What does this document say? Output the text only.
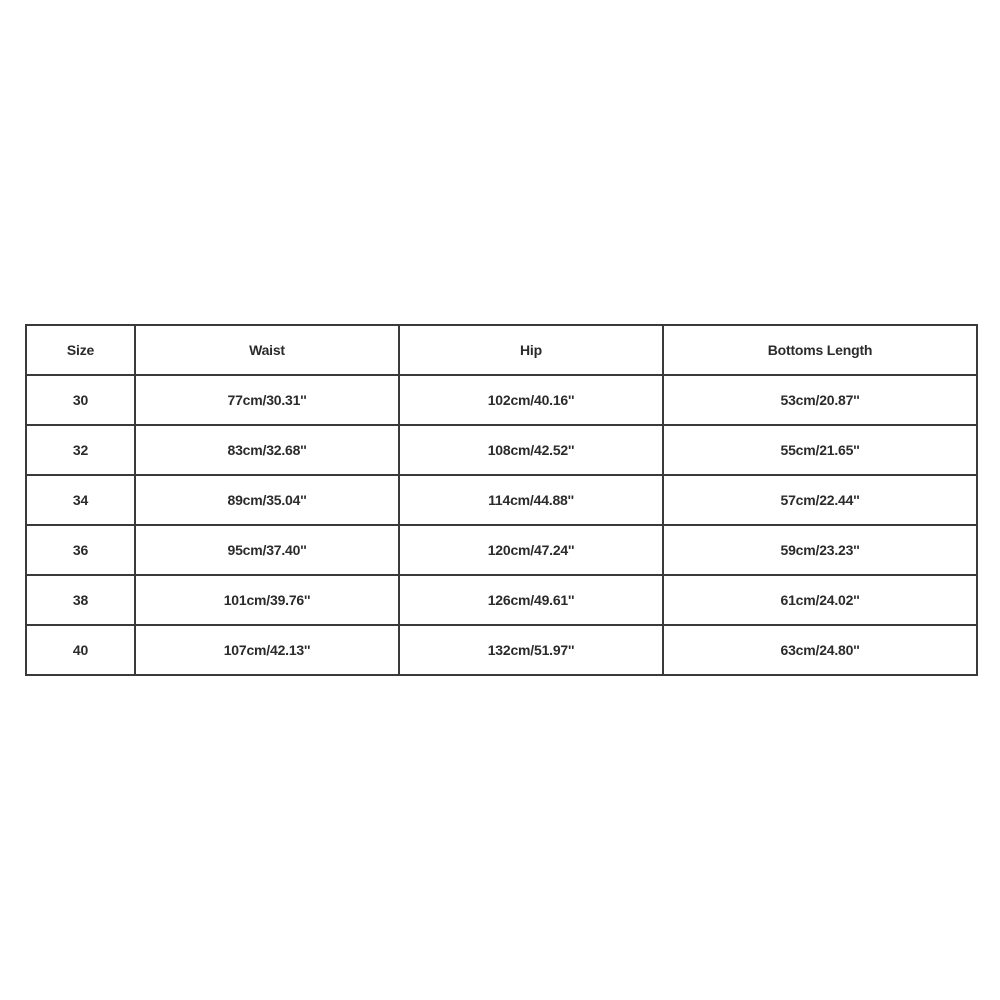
Size	Waist	Hip	Bottoms Length
30	77cm/30.31''	102cm/40.16''	53cm/20.87''
32	83cm/32.68''	108cm/42.52''	55cm/21.65''
34	89cm/35.04''	114cm/44.88''	57cm/22.44''
36	95cm/37.40''	120cm/47.24''	59cm/23.23''
38	101cm/39.76''	126cm/49.61''	61cm/24.02''
40	107cm/42.13''	132cm/51.97''	63cm/24.80''
